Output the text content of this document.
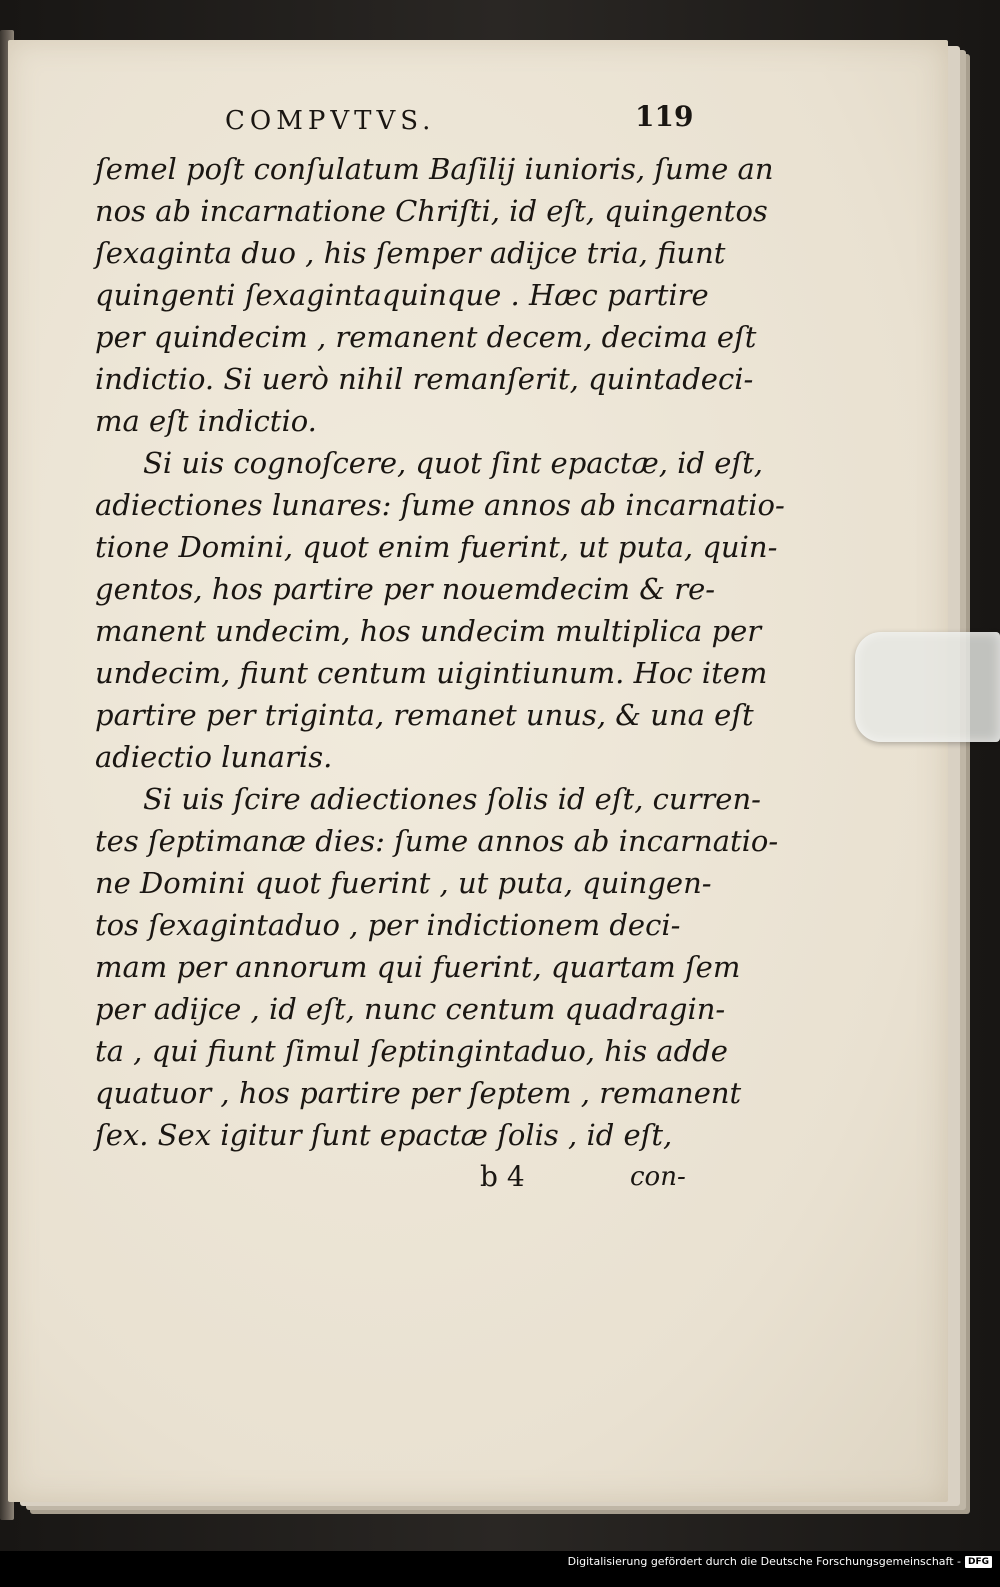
COMPVTVS.	119
ſemel poſt conſulatum Baſilij iunioris, ſume an
nos ab incarnatione Chriſti, id eſt, quingentos
ſexaginta duo , his ſemper adijce tria, fiunt
quingenti ſexagintaquinque . Hæc partire
per quindecim , remanent decem, decima eſt
indictio. Si uerò nihil remanſerit, quintadeci-
ma eſt indictio.
Si uis cognoſcere, quot ſint epactæ, id eſt,
adiectiones lunares: ſume annos ab incarnatio-
tione Domini, quot enim fuerint, ut puta, quin-
gentos, hos partire per nouemdecim & re-
manent undecim, hos undecim multiplica per
undecim, fiunt centum uigintiunum. Hoc item
partire per triginta, remanet unus, & una eſt
adiectio lunaris.
Si uis ſcire adiectiones ſolis id eſt, curren-
tes ſeptimanæ dies: ſume annos ab incarnatio-
ne Domini quot fuerint , ut puta, quingen-
tos ſexagintaduo , per indictionem deci-
mam per annorum qui fuerint, quartam ſem
per adijce , id eſt, nunc centum quadragin-
ta , qui fiunt ſimul ſeptingintaduo, his adde
quatuor , hos partire per ſeptem , remanent
ſex. Sex igitur ſunt epactæ ſolis , id eſt,
b 4	con-
Digitalisierung gefördert durch die Deutsche Forschungsgemeinschaft - DFG
